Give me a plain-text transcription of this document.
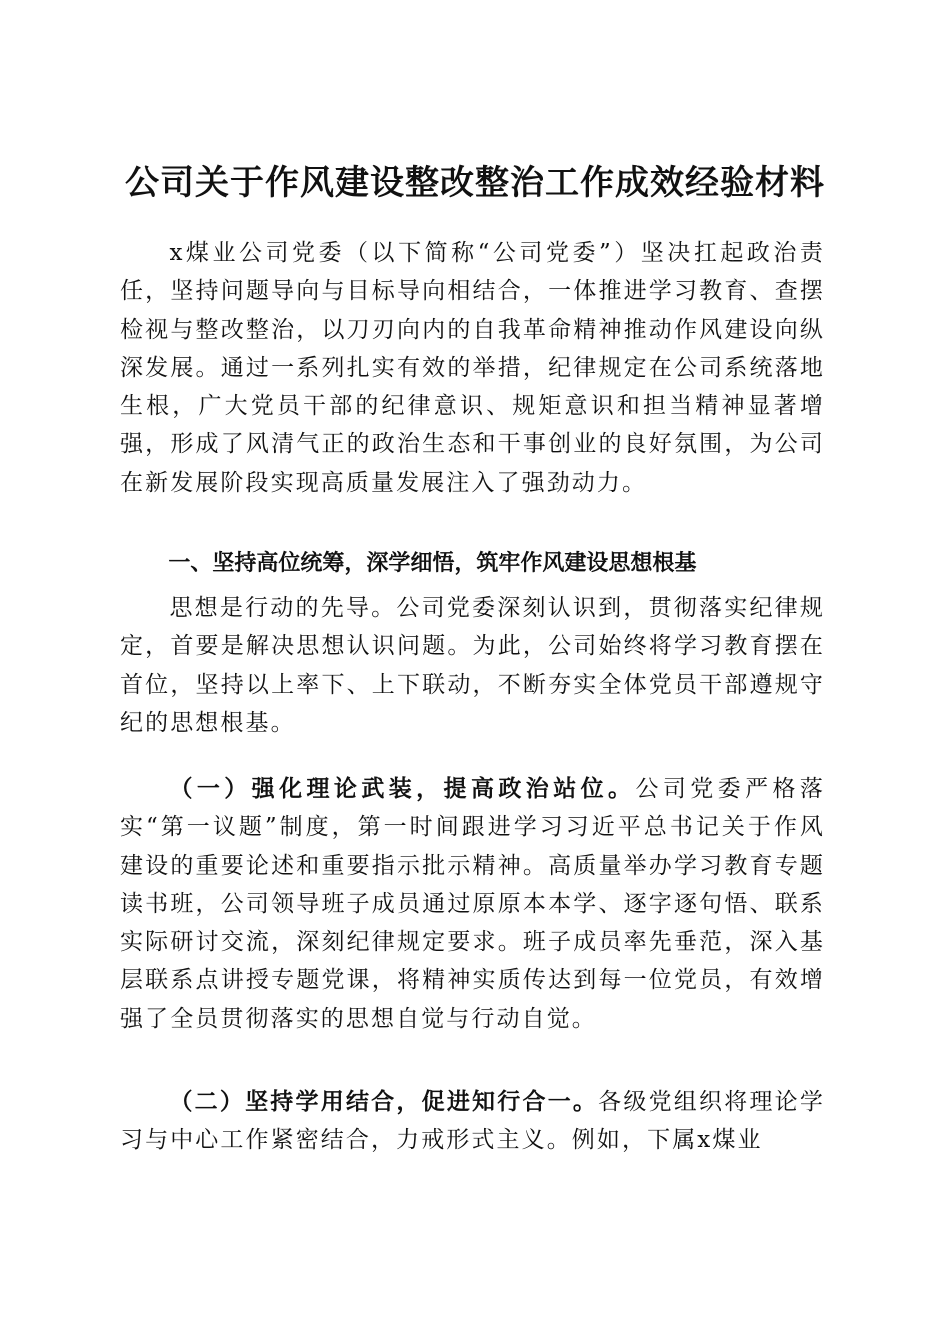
公司关于作风建设整改整治工作成效经验材料

x煤业公司党委（以下简称“公司党委”）坚决扛起政治责任，坚持问题导向与目标导向相结合，一体推进学习教育、查摆检视与整改整治，以刀刃向内的自我革命精神推动作风建设向纵深发展。通过一系列扎实有效的举措，纪律规定在公司系统落地生根，广大党员干部的纪律意识、规矩意识和担当精神显著增强，形成了风清气正的政治生态和干事创业的良好氛围，为公司在新发展阶段实现高质量发展注入了强劲动力。

一、坚持高位统筹，深学细悟，筑牢作风建设思想根基

思想是行动的先导。公司党委深刻认识到，贯彻落实纪律规定，首要是解决思想认识问题。为此，公司始终将学习教育摆在首位，坚持以上率下、上下联动，不断夯实全体党员干部遵规守纪的思想根基。

（一）强化理论武装，提高政治站位。公司党委严格落实“第一议题”制度，第一时间跟进学习习近平总书记关于作风建设的重要论述和重要指示批示精神。高质量举办学习教育专题读书班，公司领导班子成员通过原原本本学、逐字逐句悟、联系实际研讨交流，深刻纪律规定要求。班子成员率先垂范，深入基层联系点讲授专题党课，将精神实质传达到每一位党员，有效增强了全员贯彻落实的思想自觉与行动自觉。

（二）坚持学用结合，促进知行合一。各级党组织将理论学习与中心工作紧密结合，力戒形式主义。例如，下属x煤业
